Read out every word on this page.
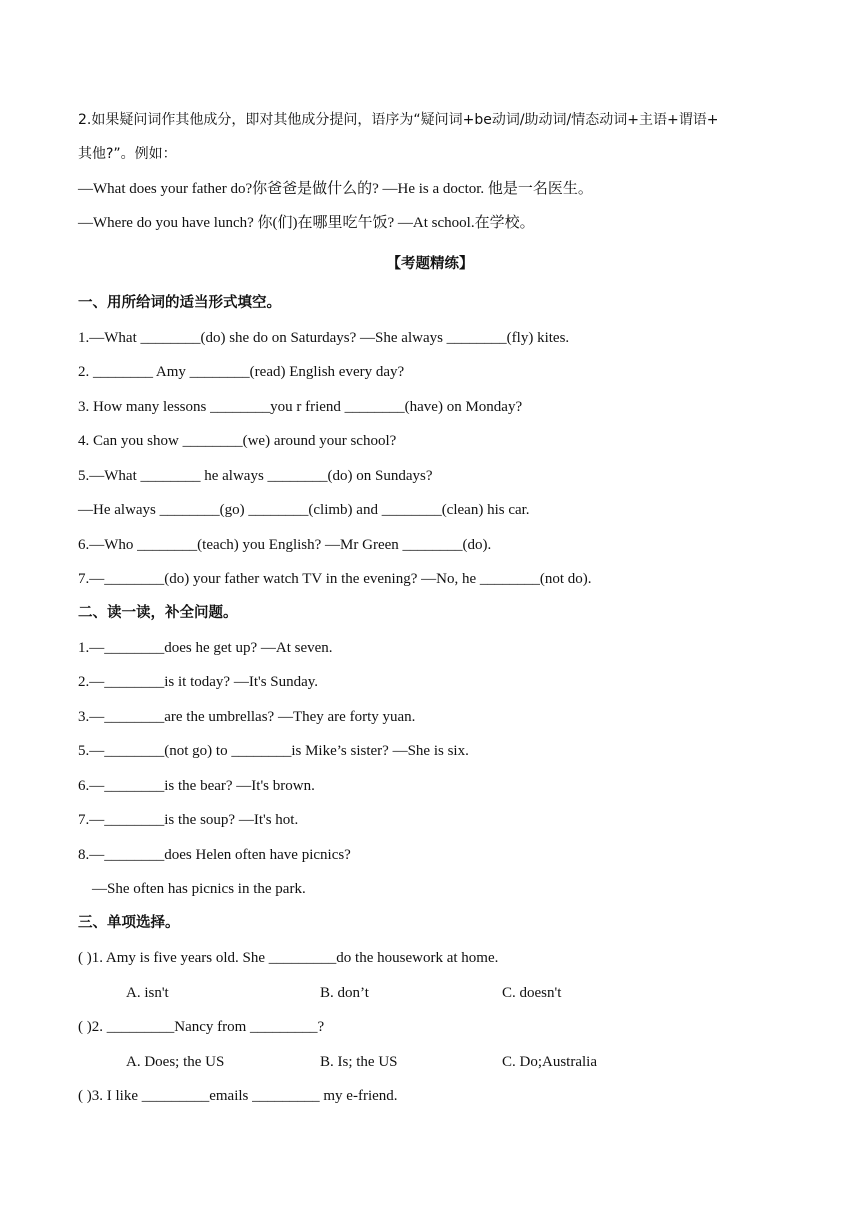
2.如果疑问词作其他成分，即对其他成分提问，语序为“疑问词+be动词/助动词/情态动词+主语+谓语+
其他?”。例如：
—What does your father do?你爸爸是做什么的? —He is a doctor. 他是一名医生。
—Where do you have lunch? 你(们)在哪里吃午饭? —At school.在学校。
【考题精练】
一、用所给词的适当形式填空。
1.—What ________(do) she do on Saturdays? —She always ________(fly) kites.
2. ________ Amy ________(read) English every day?
3. How many lessons ________you r friend ________(have) on Monday?
4. Can you show ________(we) around your school?
5.—What ________ he always ________(do) on Sundays?
—He always ________(go) ________(climb) and ________(clean) his car.
6.—Who ________(teach) you English? —Mr Green ________(do).
7.—________(do) your father watch TV in the evening? —No, he ________(not do).
二、读一读，补全问题。
1.—________does he get up? —At seven.
2.—________is it today? —It's Sunday.
3.—________are the umbrellas? —They are forty yuan.
5.—________(not go) to ________is Mike’s sister? —She is six.
6.—________is the bear? —It's brown.
7.—________is the soup? —It's hot.
8.—________does Helen often have picnics?
—She often has picnics in the park.
三、单项选择。
( )1. Amy is five years old. She _________do the housework at home.
A. isn't	B. don’t	C. doesn't
( )2. _________Nancy from _________?
A. Does; the US	B. Is; the US	C. Do;Australia
( )3. I like _________emails _________ my e-friend.
